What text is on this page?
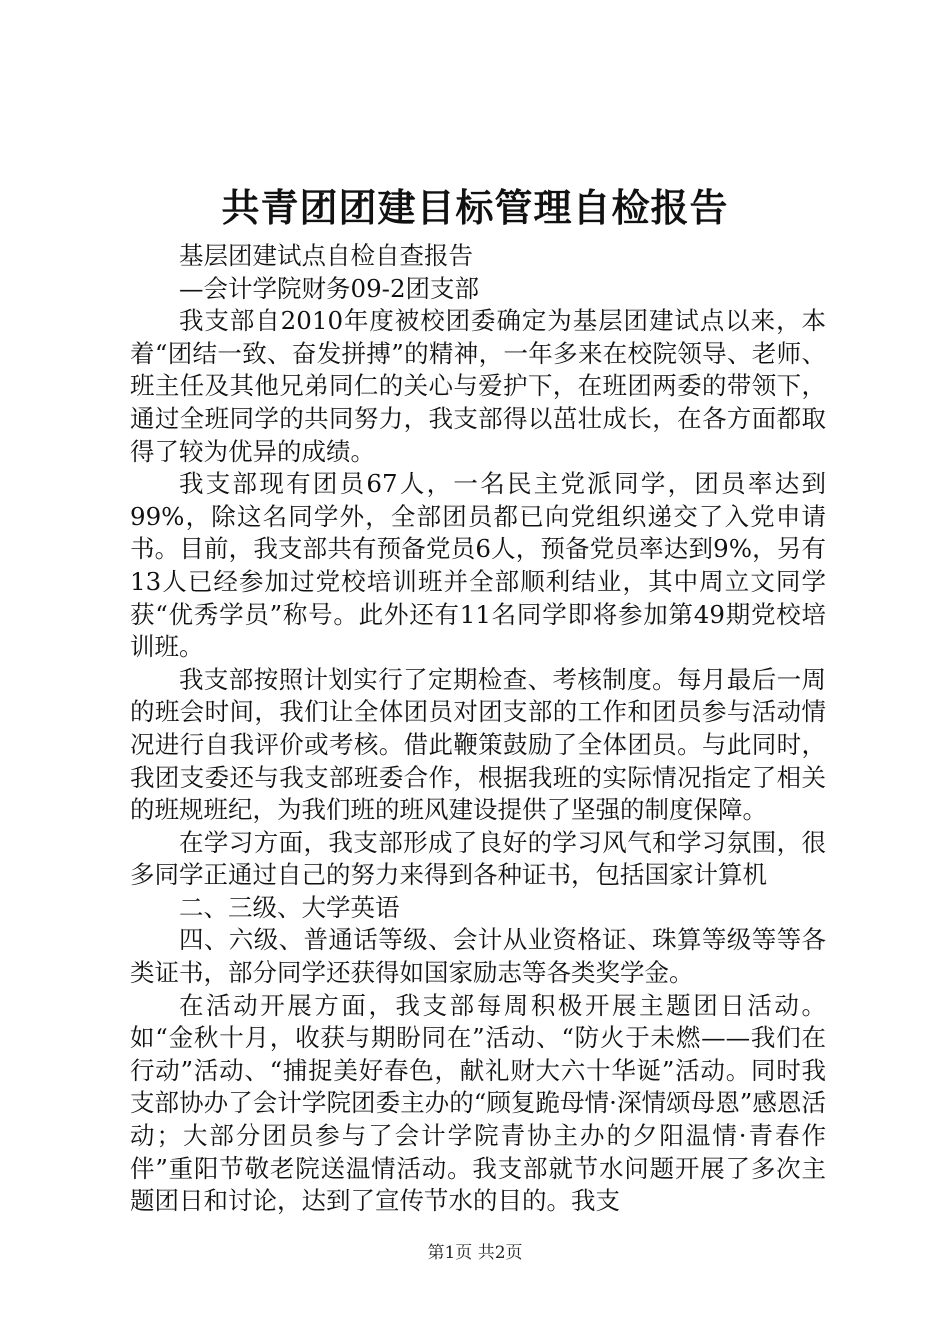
共青团团建目标管理自检报告

基层团建试点自检自查报告

—会计学院财务09-2团支部

我支部自2010年度被校团委确定为基层团建试点以来，本着“团结一致、奋发拼搏”的精神，一年多来在校院领导、老师、班主任及其他兄弟同仁的关心与爱护下，在班团两委的带领下，通过全班同学的共同努力，我支部得以茁壮成长，在各方面都取得了较为优异的成绩。

我支部现有团员67人，一名民主党派同学，团员率达到99%，除这名同学外，全部团员都已向党组织递交了入党申请书。目前，我支部共有预备党员6人，预备党员率达到9%，另有13人已经参加过党校培训班并全部顺利结业，其中周立文同学获“优秀学员”称号。此外还有11名同学即将参加第49期党校培训班。

我支部按照计划实行了定期检查、考核制度。每月最后一周的班会时间，我们让全体团员对团支部的工作和团员参与活动情况进行自我评价或考核。借此鞭策鼓励了全体团员。与此同时，我团支委还与我支部班委合作，根据我班的实际情况指定了相关的班规班纪，为我们班的班风建设提供了坚强的制度保障。

在学习方面，我支部形成了良好的学习风气和学习氛围，很多同学正通过自己的努力来得到各种证书，包括国家计算机

二、三级、大学英语

四、六级、普通话等级、会计从业资格证、珠算等级等等各类证书，部分同学还获得如国家励志等各类奖学金。

在活动开展方面，我支部每周积极开展主题团日活动。如“金秋十月，收获与期盼同在”活动、“防火于未燃——我们在行动”活动、“捕捉美好春色，献礼财大六十华诞”活动。同时我支部协办了会计学院团委主办的“顾复跪母情·深情颂母恩”感恩活动；大部分团员参与了会计学院青协主办的夕阳温情·青春作伴”重阳节敬老院送温情活动。我支部就节水问题开展了多次主题团日和讨论，达到了宣传节水的目的。我支

第1页 共2页
